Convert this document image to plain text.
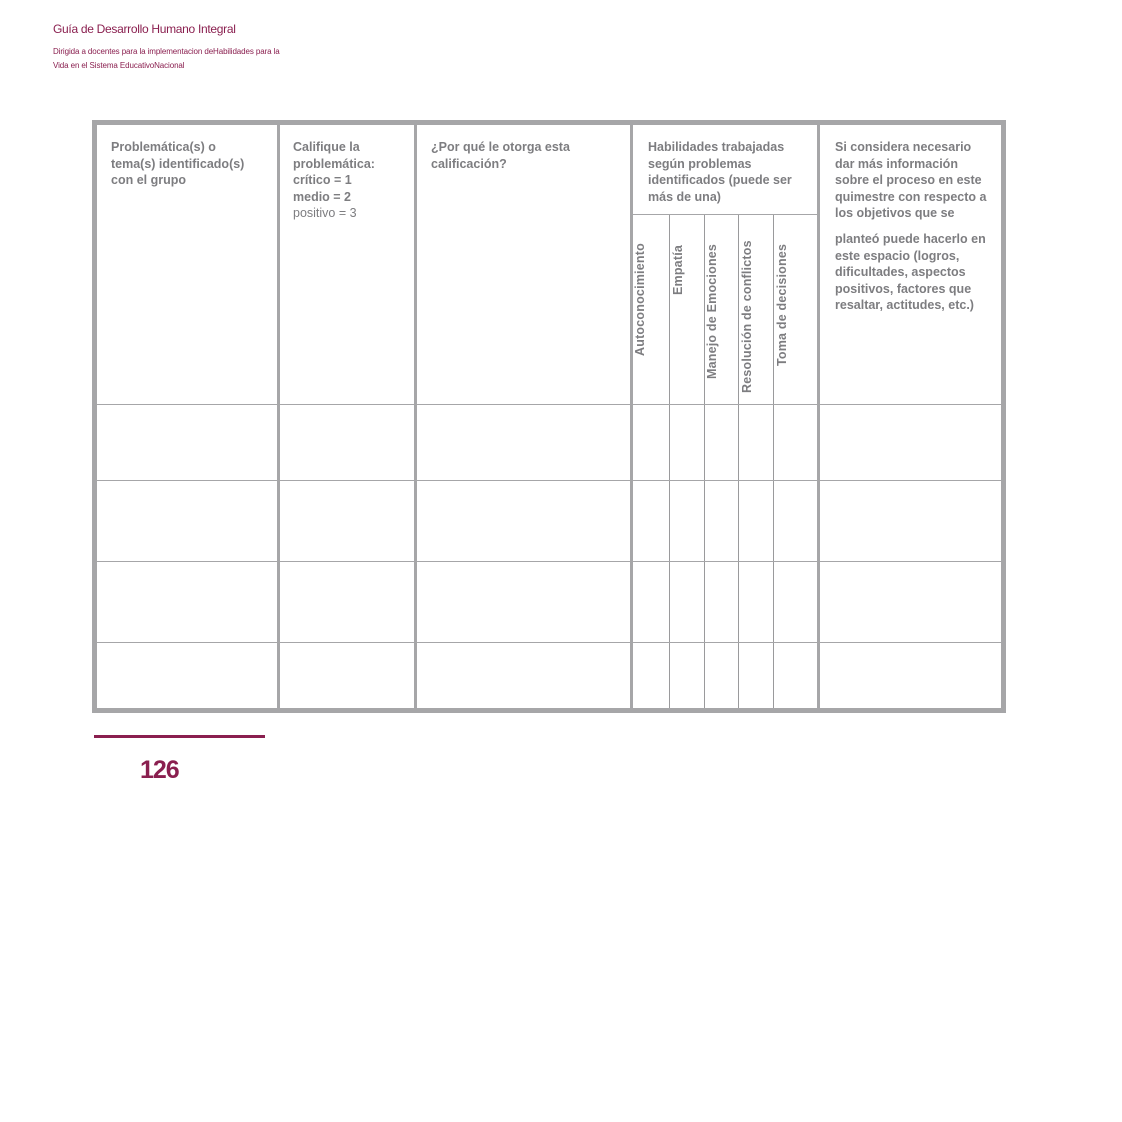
Guía de Desarrollo Humano Integral
Dirigida a docentes para la implementacion deHabilidades para la
Vida en el Sistema EducativoNacional
Problemática(s) o tema(s) identificado(s) con el grupo
Califique la problemática:
crítico = 1
medio = 2
positivo = 3
¿Por qué le otorga esta calificación?
Habilidades trabajadas según problemas identificados (puede ser más de una)
Si considera necesario dar más información sobre el proceso en este quimestre con respecto a los objetivos que se
planteó puede hacerlo en este espacio (logros, dificultades, aspectos positivos, factores que resaltar, actitudes, etc.)
Autoconocimiento Empatía Manejo de Emociones Resolución de conflictos Toma de decisiones
126
